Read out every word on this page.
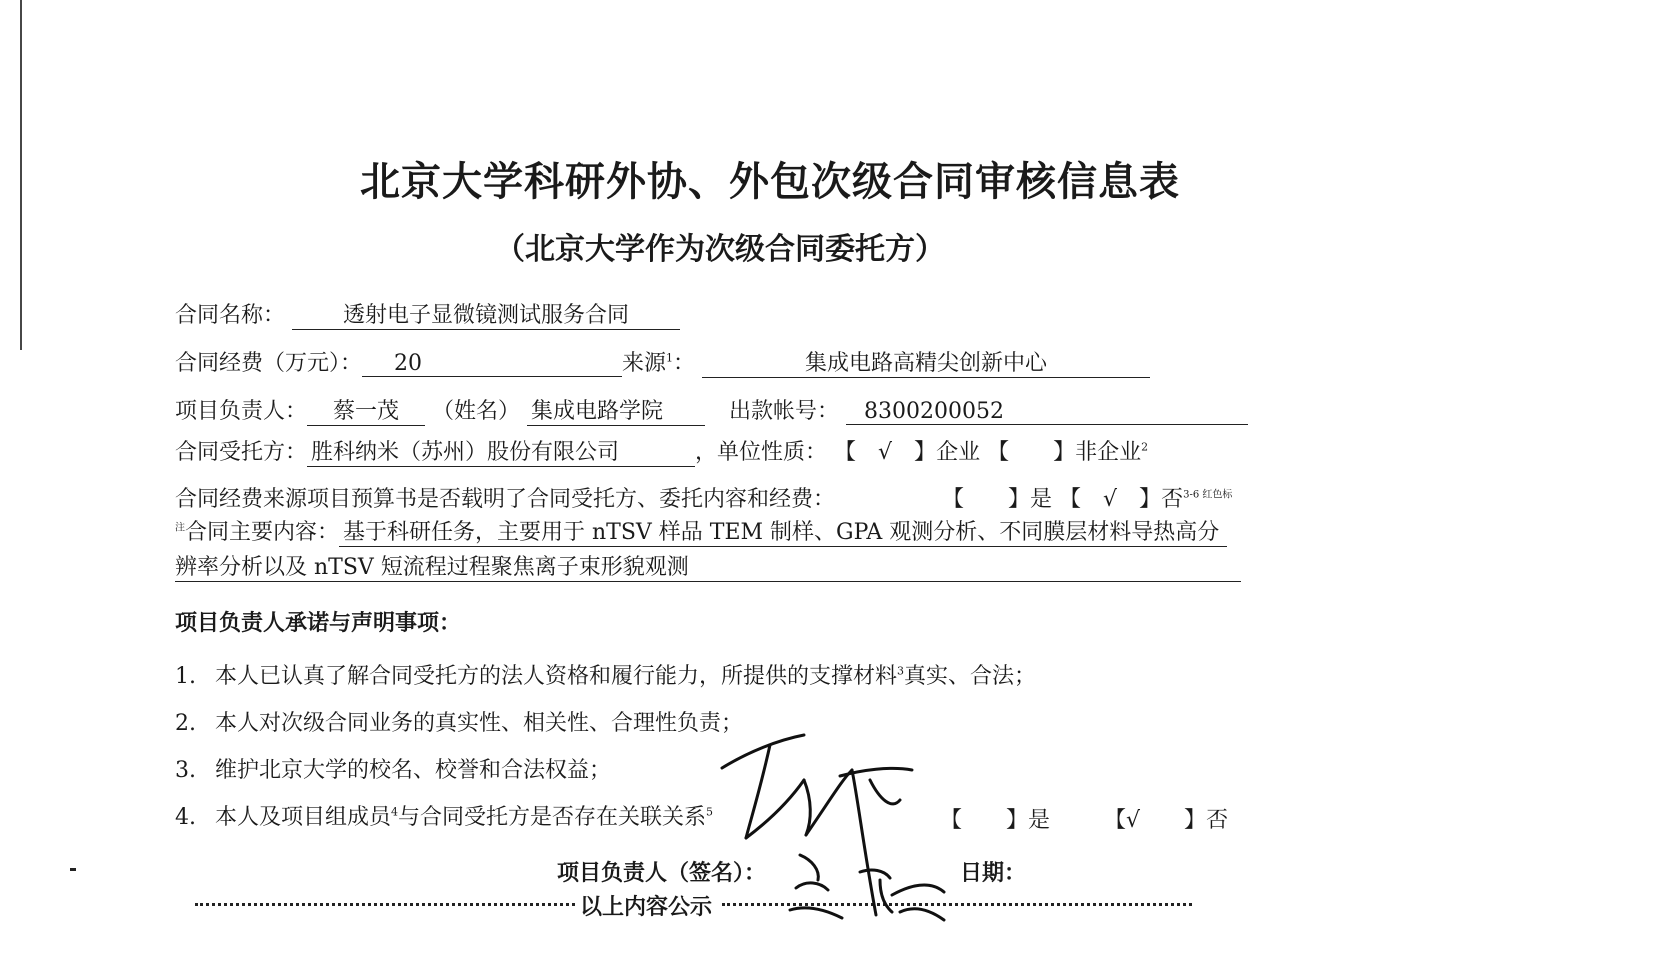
北京大学科研外协、外包次级合同审核信息表
（北京大学作为次级合同委托方）
合同名称：	透射电子显微镜测试服务合同
合同经费（万元）： 20	来源$^1$：	集成电路高精尖创新中心
项目负责人： 蔡一茂 （姓名） 集成电路学院	出款帐号： 8300200052
合同受托方： 胜科纳米（苏州）股份有限公司	，单位性质： 【　√　】企业 【　　】非企业$^2$
合同经费来源项目预算书是否载明了合同受托方、委托内容和经费：	【　　】是 【　√　】否$^{3-6 红色标}$
$^注$合同主要内容： 基于科研任务，主要用于 nTSV 样品 TEM 制样、GPA 观测分析、不同膜层材料导热高分
辨率分析以及 nTSV 短流程过程聚焦离子束形貌观测
项目负责人承诺与声明事项：
1. 本人已认真了解合同受托方的法人资格和履行能力，所提供的支撑材料$^3$真实、合法；
2. 本人对次级合同业务的真实性、相关性、合理性负责；
3. 维护北京大学的校名、校誉和合法权益；
4. 本人及项目组成员$^4$与合同受托方是否存在关联关系$^5$	【　　】是 【√　　】否
项目负责人（签名）：	日期：
以上内容公示
